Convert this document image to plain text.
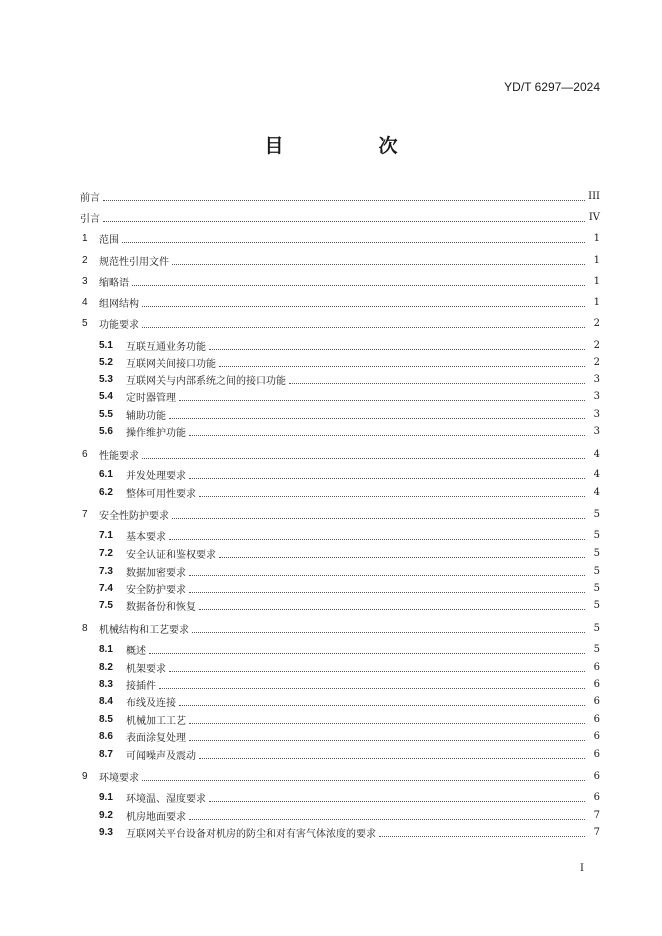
YD/T 6297—2024
目　次
前言	III
引言	IV
1 范围	1
2 规范性引用文件	1
3 缩略语	1
4 组网结构	1
5 功能要求	2
5.1 互联互通业务功能	2
5.2 互联网关间接口功能	2
5.3 互联网关与内部系统之间的接口功能	3
5.4 定时器管理	3
5.5 辅助功能	3
5.6 操作维护功能	3
6 性能要求	4
6.1 并发处理要求	4
6.2 整体可用性要求	4
7 安全性防护要求	5
7.1 基本要求	5
7.2 安全认证和鉴权要求	5
7.3 数据加密要求	5
7.4 安全防护要求	5
7.5 数据备份和恢复	5
8 机械结构和工艺要求	5
8.1 概述	5
8.2 机架要求	6
8.3 接插件	6
8.4 布线及连接	6
8.5 机械加工工艺	6
8.6 表面涂复处理	6
8.7 可闻噪声及震动	6
9 环境要求	6
9.1 环境温、湿度要求	6
9.2 机房地面要求	7
9.3 互联网关平台设备对机房的防尘和对有害气体浓度的要求	7
I
